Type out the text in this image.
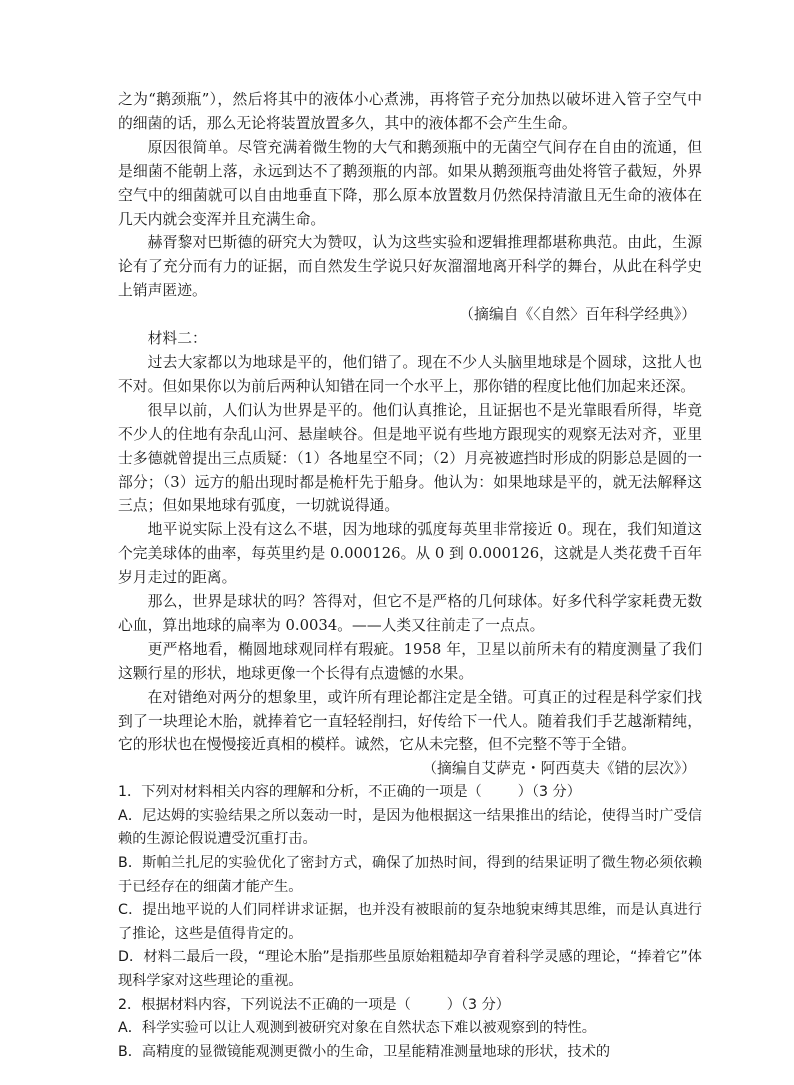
之为“鹅颈瓶”），然后将其中的液体小心煮沸，再将管子充分加热以破坏进入管子空气中的细菌的话，那么无论将装置放置多久，其中的液体都不会产生生命。

原因很简单。尽管充满着微生物的大气和鹅颈瓶中的无菌空气间存在自由的流通，但是细菌不能朝上落，永远到达不了鹅颈瓶的内部。如果从鹅颈瓶弯曲处将管子截短，外界空气中的细菌就可以自由地垂直下降，那么原本放置数月仍然保持清澈且无生命的液体在几天内就会变浑并且充满生命。

赫胥黎对巴斯德的研究大为赞叹，认为这些实验和逻辑推理都堪称典范。由此，生源论有了充分而有力的证据，而自然发生学说只好灰溜溜地离开科学的舞台，从此在科学史上销声匿迹。

（摘编自《〈自然〉百年科学经典》）

材料二：

过去大家都以为地球是平的，他们错了。现在不少人头脑里地球是个圆球，这批人也不对。但如果你以为前后两种认知错在同一个水平上，那你错的程度比他们加起来还深。

很早以前，人们认为世界是平的。他们认真推论，且证据也不是光靠眼看所得，毕竟不少人的住地有杂乱山河、悬崖峡谷。但是地平说有些地方跟现实的观察无法对齐，亚里士多德就曾提出三点质疑：（1）各地星空不同；（2）月亮被遮挡时形成的阴影总是圆的一部分；（3）远方的船出现时都是桅杆先于船身。他认为：如果地球是平的，就无法解释这三点；但如果地球有弧度，一切就说得通。

地平说实际上没有这么不堪，因为地球的弧度每英里非常接近 0。现在，我们知道这个完美球体的曲率，每英里约是 0.000126。从 0 到 0.000126，这就是人类花费千百年岁月走过的距离。

那么，世界是球状的吗？答得对，但它不是严格的几何球体。好多代科学家耗费无数心血，算出地球的扁率为 0.0034。——人类又往前走了一点点。

更严格地看，椭圆地球观同样有瑕疵。1958 年，卫星以前所未有的精度测量了我们这颗行星的形状，地球更像一个长得有点遗憾的水果。

在对错绝对两分的想象里，或许所有理论都注定是全错。可真正的过程是科学家们找到了一块理论木胎，就捧着它一直轻轻削扫，好传给下一代人。随着我们手艺越渐精纯，它的形状也在慢慢接近真相的模样。诚然，它从未完整，但不完整不等于全错。

（摘编自艾萨克・阿西莫夫《错的层次》）

1．下列对材料相关内容的理解和分析，不正确的一项是（	）（3 分）

A．尼达姆的实验结果之所以轰动一时，是因为他根据这一结果推出的结论，使得当时广受信赖的生源论假说遭受沉重打击。

B．斯帕兰扎尼的实验优化了密封方式，确保了加热时间，得到的结果证明了微生物必须依赖于已经存在的细菌才能产生。

C．提出地平说的人们同样讲求证据，也并没有被眼前的复杂地貌束缚其思维，而是认真进行了推论，这些是值得肯定的。

D．材料二最后一段，“理论木胎”是指那些虽原始粗糙却孕育着科学灵感的理论，“捧着它”体现科学家对这些理论的重视。

2．根据材料内容，下列说法不正确的一项是（	）（3 分）

A．科学实验可以让人观测到被研究对象在自然状态下难以被观察到的特性。

B．高精度的显微镜能观测更微小的生命，卫星能精准测量地球的形状，技术的
